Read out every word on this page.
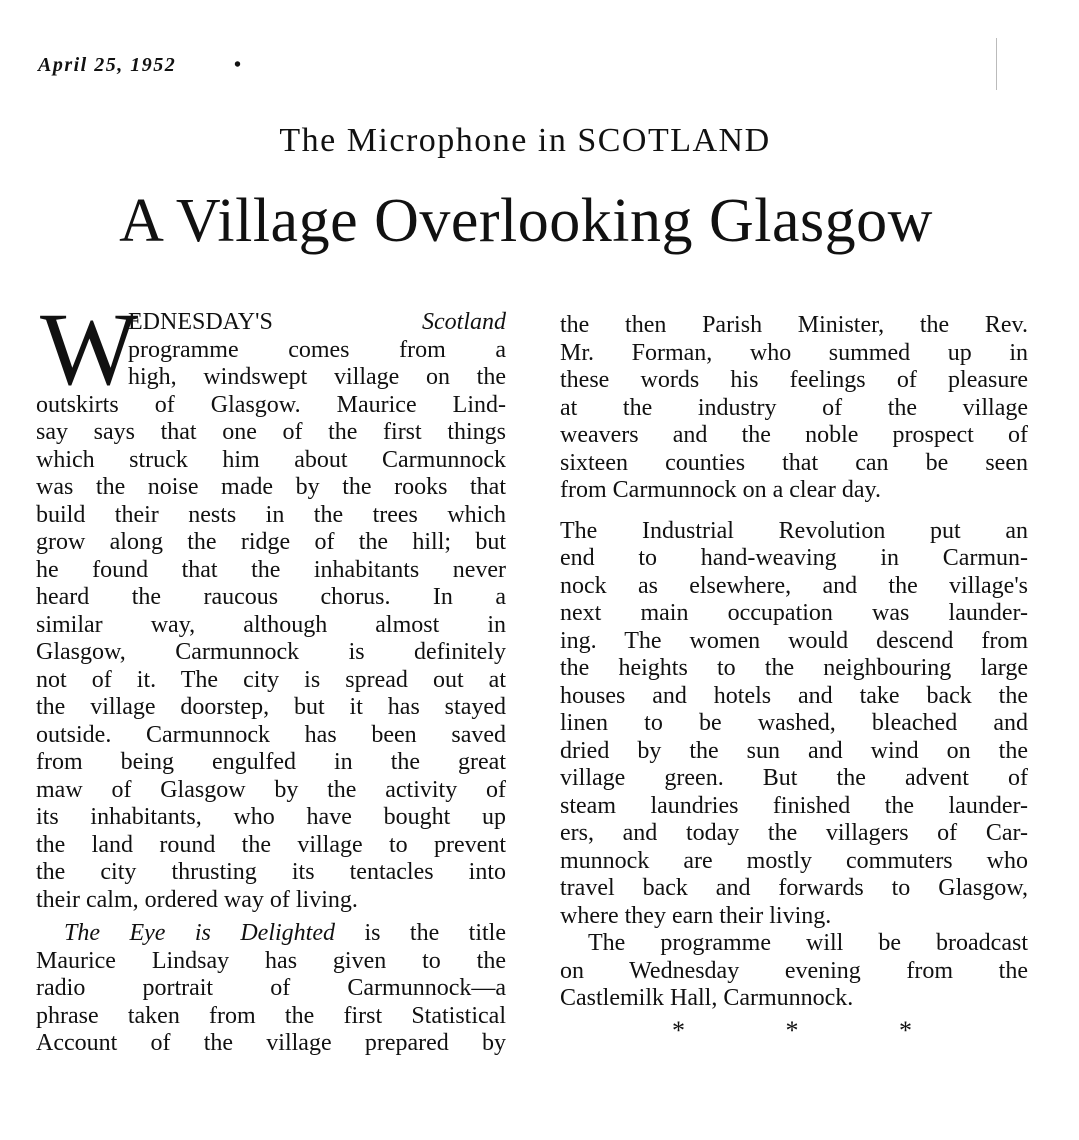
April 25, 1952	•
The Microphone in SCOTLAND
A Village Overlooking Glasgow
W
EDNESDAY'S	Scotland
programme comes from a
high, windswept village on the
outskirts of Glasgow. Maurice Lind-
say says that one of the first things
which struck him about Carmunnock
was the noise made by the rooks that
build their nests in the trees which
grow along the ridge of the hill; but
he found that the inhabitants never
heard the raucous chorus. In a
similar way, although almost in
Glasgow, Carmunnock is definitely
not of it. The city is spread out at
the village doorstep, but it has stayed
outside. Carmunnock has been saved
from being engulfed in the great
maw of Glasgow by the activity of
its inhabitants, who have bought up
the land round the village to prevent
the city thrusting its tentacles into
their calm, ordered way of living.
The Eye is Delighted is the title
Maurice Lindsay has given to the
radio portrait of Carmunnock—a
phrase taken from the first Statistical
Account of the village prepared by
the then Parish Minister, the Rev.
Mr. Forman, who summed up in
these words his feelings of pleasure
at the industry of the village
weavers and the noble prospect of
sixteen counties that can be seen
from Carmunnock on a clear day.
The Industrial Revolution put an
end to hand-weaving in Carmun-
nock as elsewhere, and the village's
next main occupation was launder-
ing. The women would descend from
the heights to the neighbouring large
houses and hotels and take back the
linen to be washed, bleached and
dried by the sun and wind on the
village green. But the advent of
steam laundries finished the launder-
ers, and today the villagers of Car-
munnock are mostly commuters who
travel back and forwards to Glasgow,
where they earn their living.
The programme will be broadcast
on Wednesday evening from the
Castlemilk Hall, Carmunnock.
*	*	*
